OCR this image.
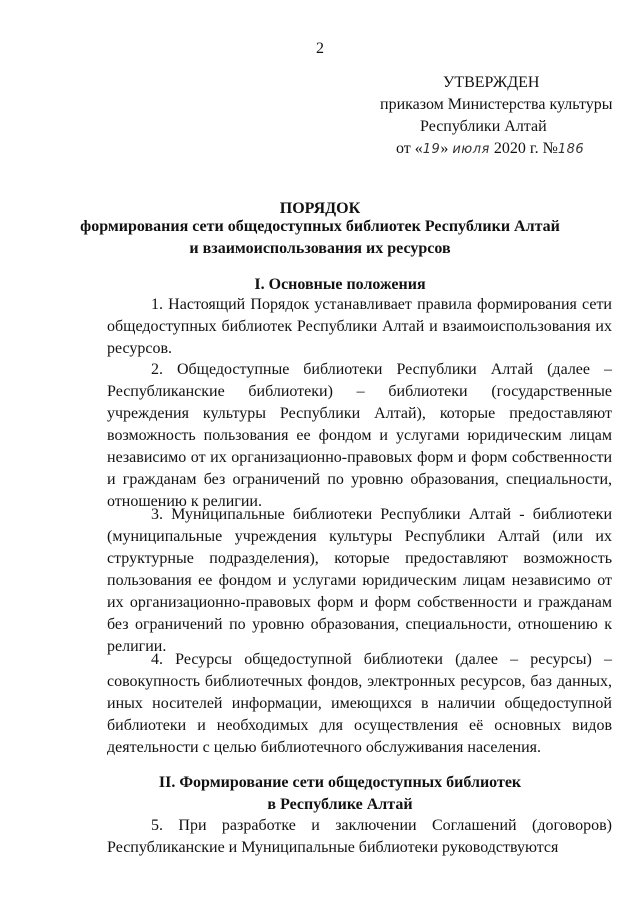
2
УТВЕРЖДЕН
приказом Министерства культуры
Республики Алтай
от «19» июля 2020 г. №186
ПОРЯДОК
формирования сети общедоступных библиотек Республики Алтай
и взаимоиспользования их ресурсов
I. Основные положения
1. Настоящий Порядок устанавливает правила формирования сети общедоступных библиотек Республики Алтай и взаимоиспользования их ресурсов.
2. Общедоступные библиотеки Республики Алтай (далее – Республиканские библиотеки) – библиотеки (государственные учреждения культуры Республики Алтай), которые предоставляют возможность пользования ее фондом и услугами юридическим лицам независимо от их организационно-правовых форм и форм собственности и гражданам без ограничений по уровню образования, специальности, отношению к религии.
3. Муниципальные библиотеки Республики Алтай - библиотеки (муниципальные учреждения культуры Республики Алтай (или их структурные подразделения), которые предоставляют возможность пользования ее фондом и услугами юридическим лицам независимо от их организационно-правовых форм и форм собственности и гражданам без ограничений по уровню образования, специальности, отношению к религии.
4. Ресурсы общедоступной библиотеки (далее – ресурсы) – совокупность библиотечных фондов, электронных ресурсов, баз данных, иных носителей информации, имеющихся в наличии общедоступной библиотеки и необходимых для осуществления её основных видов деятельности с целью библиотечного обслуживания населения.
II. Формирование сети общедоступных библиотек
в Республике Алтай
5. При разработке и заключении Соглашений (договоров) Республиканские и Муниципальные библиотеки руководствуются
